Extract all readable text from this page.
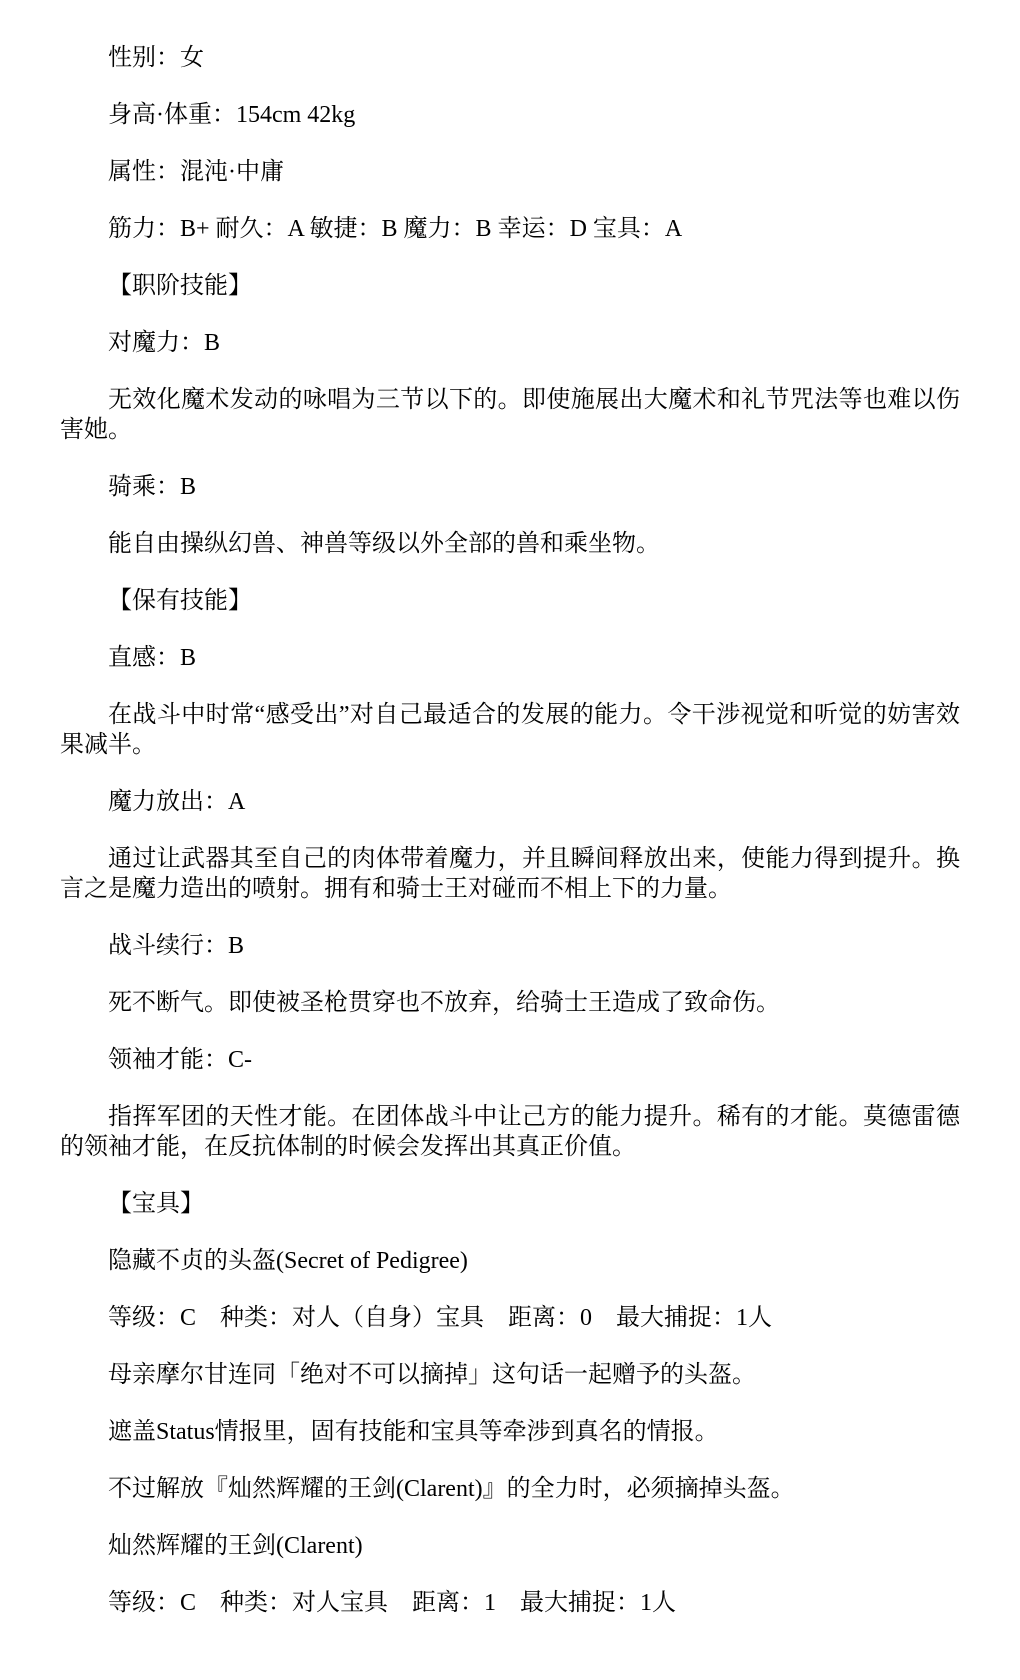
性别：女

身高·体重：154cm 42kg

属性：混沌·中庸

筋力：B+ 耐久：A 敏捷：B 魔力：B 幸运：D 宝具：A

【职阶技能】

对魔力：B

无效化魔术发动的咏唱为三节以下的。即使施展出大魔术和礼节咒法等也难以伤害她。

骑乘：B

能自由操纵幻兽、神兽等级以外全部的兽和乘坐物。

【保有技能】

直感：B

在战斗中时常“感受出”对自己最适合的发展的能力。令干涉视觉和听觉的妨害效果减半。

魔力放出：A

通过让武器其至自己的肉体带着魔力，并且瞬间释放出来，使能力得到提升。换言之是魔力造出的喷射。拥有和骑士王对碰而不相上下的力量。

战斗续行：B

死不断气。即使被圣枪贯穿也不放弃，给骑士王造成了致命伤。

领袖才能：C-

指挥军团的天性才能。在团体战斗中让己方的能力提升。稀有的才能。莫德雷德的领袖才能，在反抗体制的时候会发挥出其真正价值。

【宝具】

隐藏不贞的头盔(Secret of Pedigree)

等级：C　种类：对人（自身）宝具　距离：0　最大捕捉：1人

母亲摩尔甘连同「绝对不可以摘掉」这句话一起赠予的头盔。

遮盖Status情报里，固有技能和宝具等牵涉到真名的情报。

不过解放『灿然辉耀的王剑(Clarent)』的全力时，必须摘掉头盔。

灿然辉耀的王剑(Clarent)

等级：C　种类：对人宝具　距离：1　最大捕捉：1人
